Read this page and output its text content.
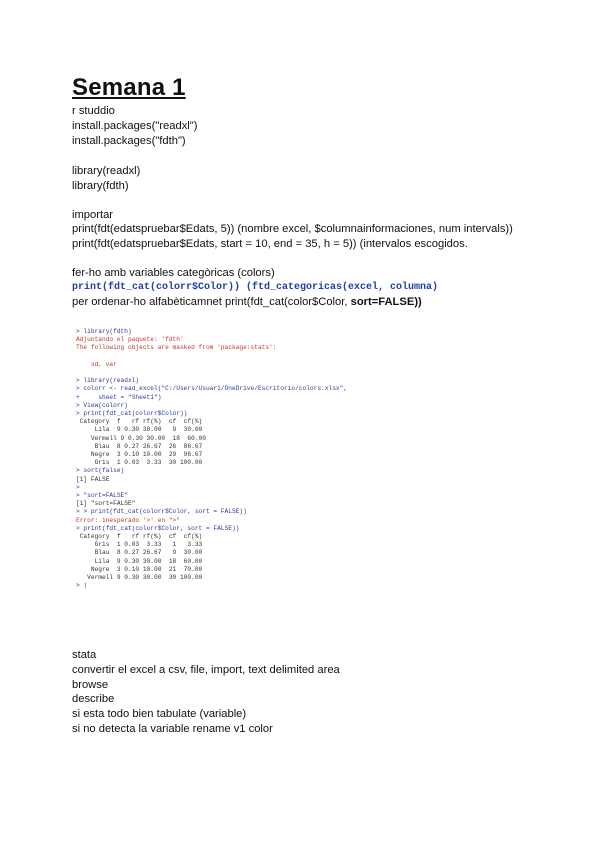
Semana 1
r studdio
install.packages("readxl")
install.packages("fdth")
library(readxl)
library(fdth)
importar
print(fdt(edatspruebar$Edats, 5)) (nombre excel, $columnainformaciones, num intervals))
print(fdt(edatspruebar$Edats, start = 10, end = 35, h = 5)) (intervalos escogidos.
fer-ho amb variables categòricas (colors)
print(fdt_cat(colorr$Color)) (ftd_categoricas(excel, columna)
per ordenar-ho alfabèticamnet print(fdt_cat(color$Color, sort=FALSE))
> library(fdth)
Adjuntando el paquete: 'fdth'
The following objects are masked from 'package:stats':
sd, var
> library(readxl)
> colorr <- read_excel("C:/Users/Usuari/OneDrive/Escritorio/colors.xlsx",
+     sheet = "Sheet1")
> View(colorr)
> print(fdt_cat(colorr$Color))
Category  f   rf rf(%)  cf  cf(%)
Lila  9 0.30 30.00   9  30.00
Vermell 9 0.30 30.00  18  60.00
Blau  8 0.27 26.67  26  86.67
Negre  3 0.10 10.00  29  96.67
Gris  1 0.03  3.33  30 100.00
> sort(false)
[1] FALSE
>
> "sort=FALSE"
[1] "sort=FALSE"
> > print(fdt_cat(colorr$Color, sort = FALSE))
Error: inesperado '>' en ">"
> print(fdt_cat(colorr$Color, sort = FALSE))
Category  f   rf rf(%)  cf  cf(%)
Gris  1 0.03  3.33   1   3.33
Blau  8 0.27 26.67   9  30.00
Lila  9 0.30 30.00  18  60.00
Negre  3 0.10 10.00  21  70.00
Vermell 9 0.30 30.00  30 100.00
> |
stata
convertir el excel a csv, file, import, text delimited area
browse
describe
si esta todo bien tabulate (variable)
si no detecta la variable rename v1 color
